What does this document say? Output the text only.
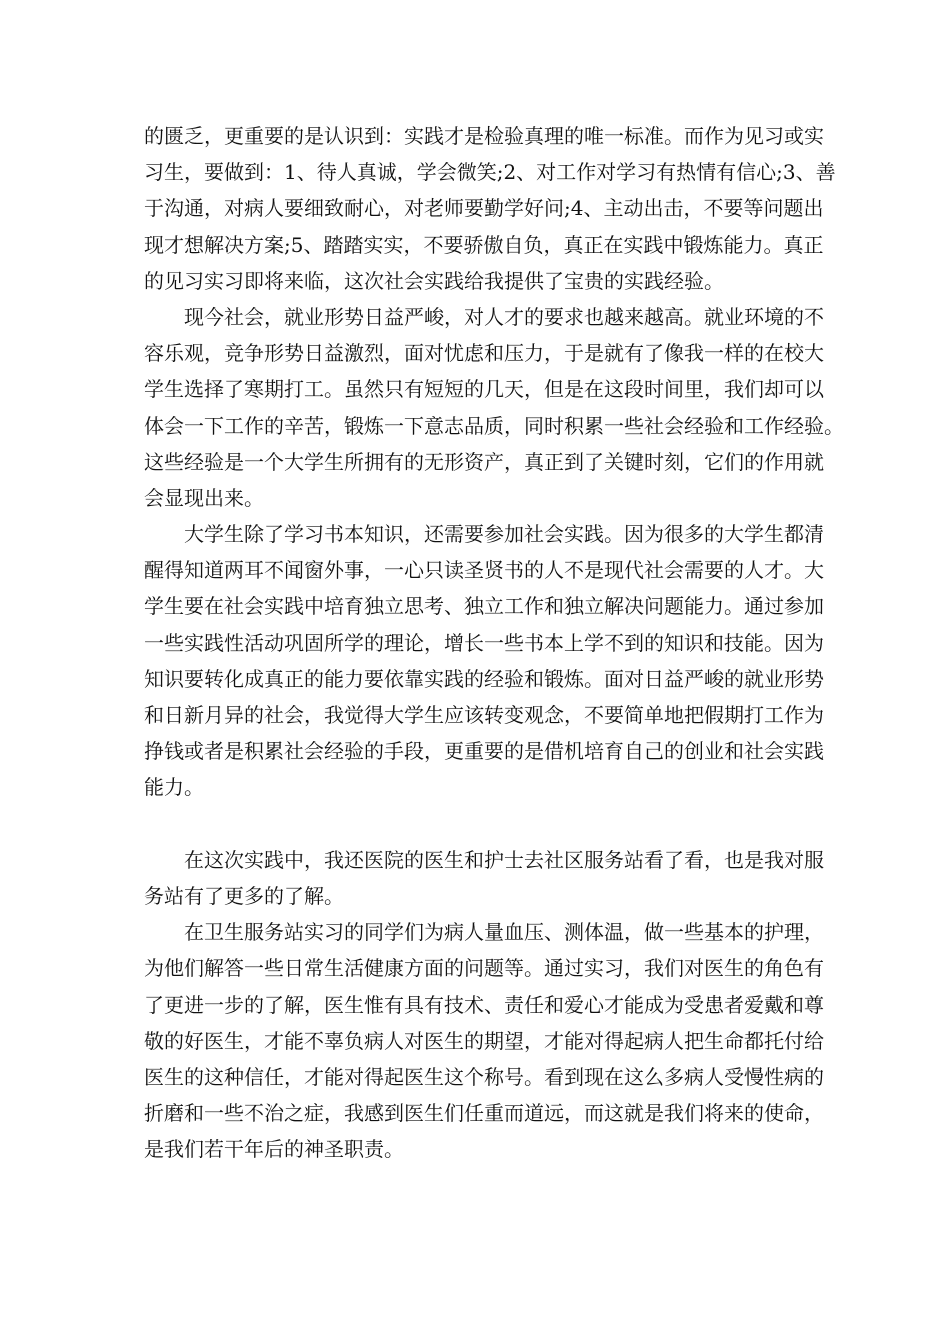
的匮乏，更重要的是认识到：实践才是检验真理的唯一标准。而作为见习或实
习生，要做到：1、待人真诚，学会微笑;2、对工作对学习有热情有信心;3、善
于沟通，对病人要细致耐心，对老师要勤学好问;4、主动出击，不要等问题出
现才想解决方案;5、踏踏实实，不要骄傲自负，真正在实践中锻炼能力。真正
的见习实习即将来临，这次社会实践给我提供了宝贵的实践经验。
现今社会，就业形势日益严峻，对人才的要求也越来越高。就业环境的不
容乐观，竞争形势日益激烈，面对忧虑和压力，于是就有了像我一样的在校大
学生选择了寒期打工。虽然只有短短的几天，但是在这段时间里，我们却可以
体会一下工作的辛苦，锻炼一下意志品质，同时积累一些社会经验和工作经验。
这些经验是一个大学生所拥有的无形资产，真正到了关键时刻，它们的作用就
会显现出来。
大学生除了学习书本知识，还需要参加社会实践。因为很多的大学生都清
醒得知道两耳不闻窗外事，一心只读圣贤书的人不是现代社会需要的人才。大
学生要在社会实践中培育独立思考、独立工作和独立解决问题能力。通过参加
一些实践性活动巩固所学的理论，增长一些书本上学不到的知识和技能。因为
知识要转化成真正的能力要依靠实践的经验和锻炼。面对日益严峻的就业形势
和日新月异的社会，我觉得大学生应该转变观念，不要简单地把假期打工作为
挣钱或者是积累社会经验的手段，更重要的是借机培育自己的创业和社会实践
能力。
在这次实践中，我还医院的医生和护士去社区服务站看了看，也是我对服
务站有了更多的了解。
在卫生服务站实习的同学们为病人量血压、测体温，做一些基本的护理，
为他们解答一些日常生活健康方面的问题等。通过实习，我们对医生的角色有
了更进一步的了解，医生惟有具有技术、责任和爱心才能成为受患者爱戴和尊
敬的好医生，才能不辜负病人对医生的期望，才能对得起病人把生命都托付给
医生的这种信任，才能对得起医生这个称号。看到现在这么多病人受慢性病的
折磨和一些不治之症，我感到医生们任重而道远，而这就是我们将来的使命，
是我们若干年后的神圣职责。
